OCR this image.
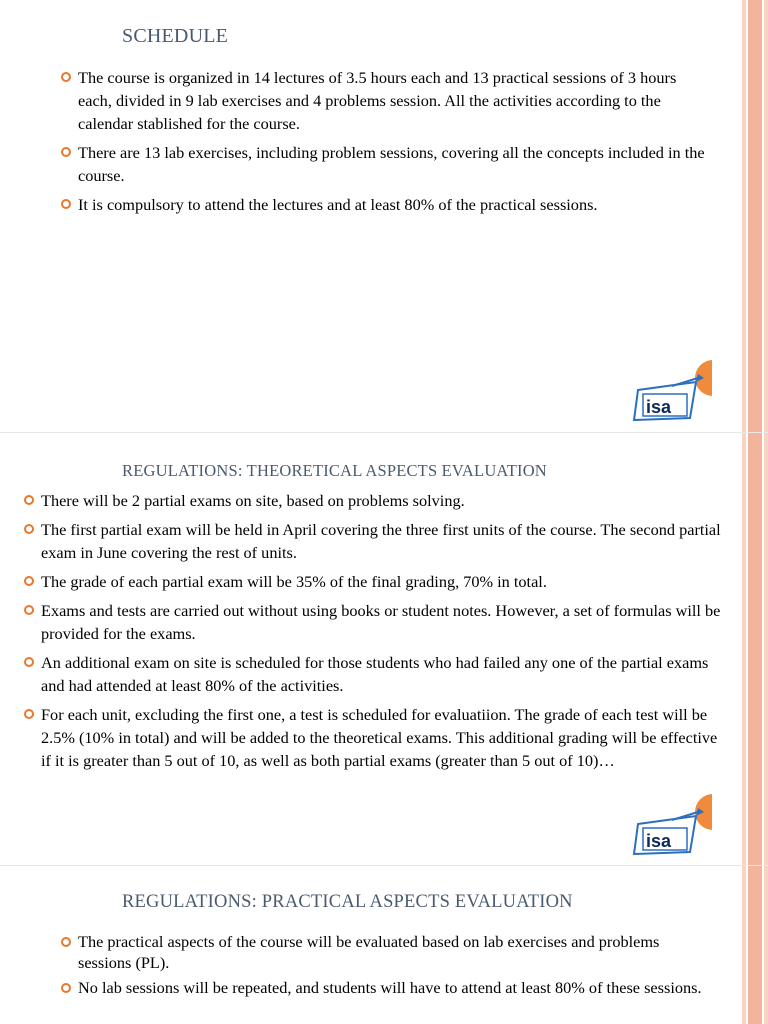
SCHEDULE
The course is organized in 14 lectures of 3.5 hours each and 13 practical sessions of 3 hours each, divided in 9 lab exercises and 4 problems session. All the activities according to the calendar stablished for the course.
There are 13 lab exercises, including problem sessions, covering all the concepts included in the course.
It is compulsory to attend the lectures and at least 80% of the practical sessions.
isa
REGULATIONS: THEORETICAL ASPECTS EVALUATION
There will be 2 partial exams on site, based on problems solving.
The first partial exam will be held in April covering the three first units of the course. The second partial exam in June covering the rest of units.
The grade of each partial exam will be 35% of the final grading, 70% in total.
Exams and tests are carried out without using books or student notes. However, a set of formulas will be provided for the exams.
An additional exam on site is scheduled for those students who had failed any one of the partial exams and had attended at least 80% of the activities.
For each unit, excluding the first one, a test is scheduled for evaluatiion. The grade of each test will be 2.5% (10% in total) and will be added to the theoretical exams. This additional grading will be effective if it is greater than 5 out of 10, as well as both partial exams (greater than 5 out of 10)…
isa
REGULATIONS: PRACTICAL ASPECTS EVALUATION
The practical aspects of the course will be evaluated based on lab exercises and problems sessions (PL).
No lab sessions will be repeated, and students will have to attend at least 80% of these sessions.
